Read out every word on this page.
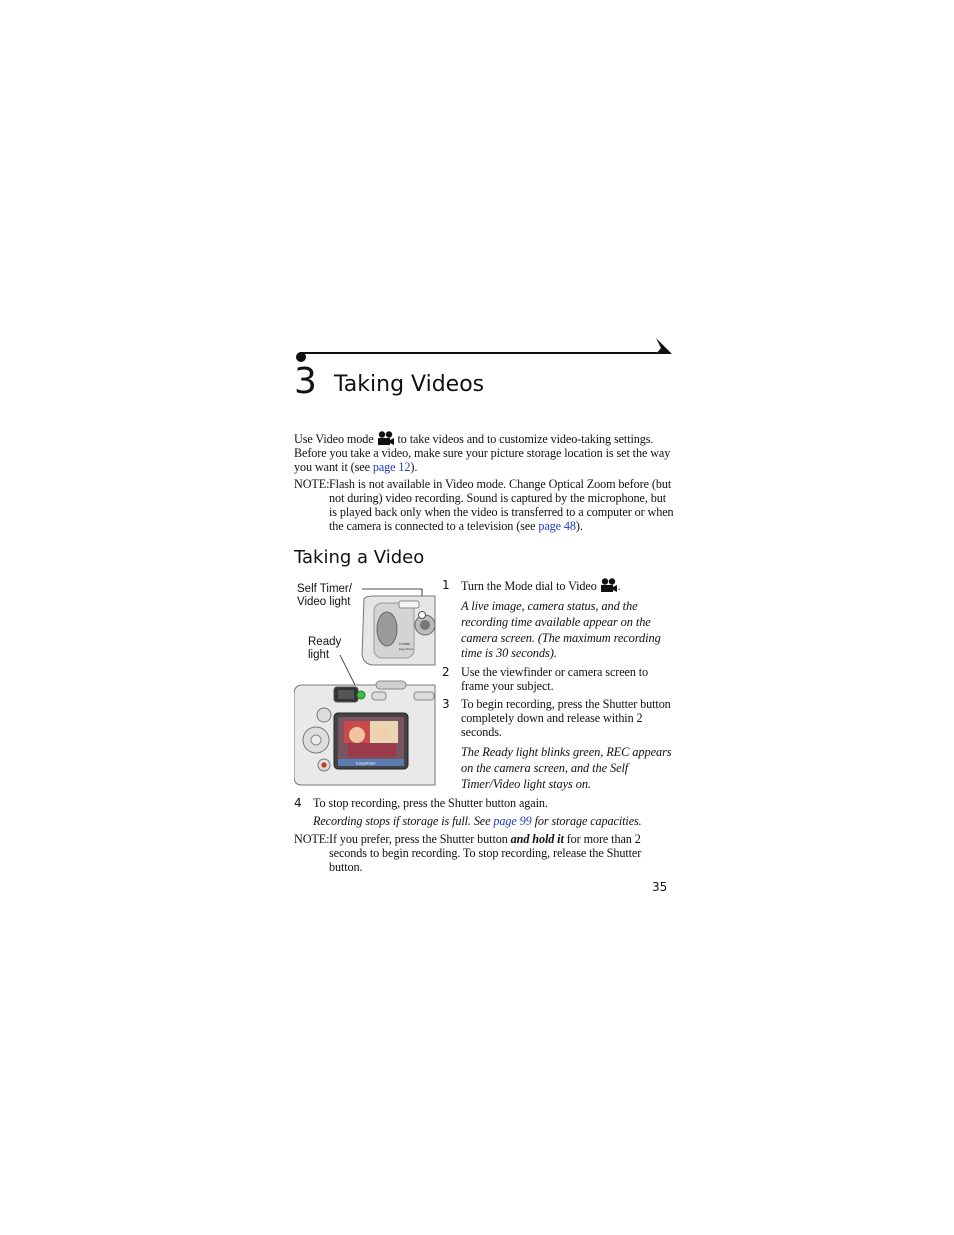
3 Taking Videos
Use Video mode to take videos and to customize video-taking settings.
Before you take a video, make sure your picture storage location is set the way
you want it (see page 12).
NOTE: Flash is not available in Video mode. Change Optical Zoom before (but
not during) video recording. Sound is captured by the microphone, but
is played back only when the video is transferred to a computer or when
the camera is connected to a television (see page 48).
Taking a Video
Self Timer/
Video light
Ready
light
Kodak
EasyShare
EasyShare
1 Turn the Mode dial to Video .
A live image, camera status, and the
recording time available appear on the
camera screen. (The maximum recording
time is 30 seconds).
2 Use the viewfinder or camera screen to
frame your subject.
3 To begin recording, press the Shutter button
completely down and release within 2
seconds.
The Ready light blinks green, REC appears
on the camera screen, and the Self
Timer/Video light stays on.
4 To stop recording, press the Shutter button again.
Recording stops if storage is full. See page 99 for storage capacities.
NOTE: If you prefer, press the Shutter button and hold it for more than 2
seconds to begin recording. To stop recording, release the Shutter
button.
35
